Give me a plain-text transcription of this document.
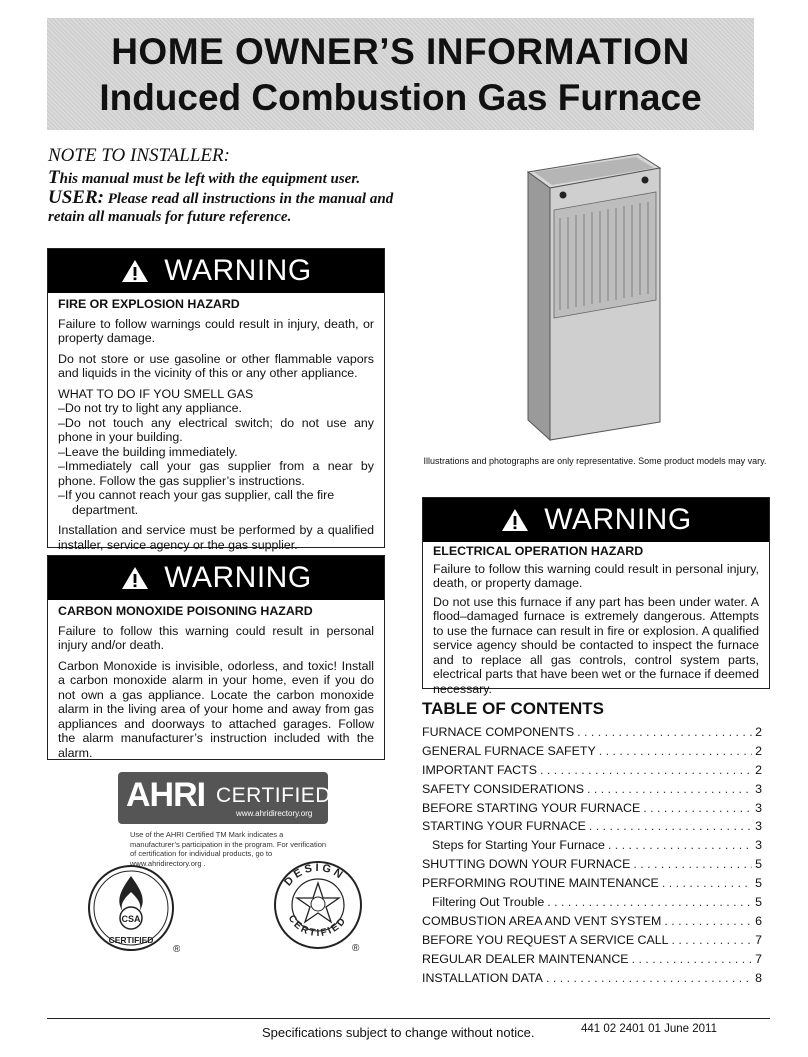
HOME OWNER’S INFORMATION
Induced Combustion Gas Furnace
NOTE TO INSTALLER:
This manual must be left with the equipment user.
USER: Please read all instructions in the manual and
retain all manuals for future reference.
WARNING
FIRE OR EXPLOSION HAZARD

Failure to follow warnings could result in injury, death, or property damage.

Do not store or use gasoline or other flammable vapors and liquids in the vicinity of this or any other appliance.

WHAT TO DO IF YOU SMELL GAS
–Do not try to light any appliance.
–Do not touch any electrical switch; do not use any phone in your building.
–Leave the building immediately.
–Immediately call your gas supplier from a near by phone. Follow the gas supplier’s instructions.
–If you cannot reach your gas supplier, call the fire
department.

Installation and service must be performed by a qualified installer, service agency or the gas supplier.

WARNING
CARBON MONOXIDE POISONING HAZARD

Failure to follow this warning could result in personal injury and/or death.

Carbon Monoxide is invisible, odorless, and toxic! Install a carbon monoxide alarm in your home, even if you do not own a gas appliance. Locate the carbon monoxide alarm in the living area of your home and away from gas appliances and doorways to attached garages. Follow the alarm manufacturer’s instruction included with the alarm.

Illustrations and photographs are only representative. Some product models may vary.
WARNING
ELECTRICAL OPERATION HAZARD

Failure to follow this warning could result in personal injury, death, or property damage.

Do not use this furnace if any part has been under water. A flood–damaged furnace is extremely dangerous. Attempts to use the furnace can result in fire or explosion. A qualified service agency should be contacted to inspect the furnace and to replace all gas controls, control system parts, electrical parts that have been wet or the furnace if deemed necessary.

TABLE OF CONTENTS
FURNACE COMPONENTS . . .	2
GENERAL FURNACE SAFETY . . .	2
IMPORTANT FACTS . . .	2
SAFETY CONSIDERATIONS . . .	3
BEFORE STARTING YOUR FURNACE . . .	3
STARTING YOUR FURNACE . . .	3
Steps for Starting Your Furnace . . .	3
SHUTTING DOWN YOUR FURNACE . . .	5
PERFORMING ROUTINE MAINTENANCE . . .	5
Filtering Out Trouble . . .	5
COMBUSTION AREA AND VENT SYSTEM . . .	6
BEFORE YOU REQUEST A SERVICE CALL . . .	7
REGULAR DEALER MAINTENANCE . . .	7
INSTALLATION DATA . . .	8
AHRI CERTIFIED™
www.ahridirectory.org
Use of the AHRI Certified TM Mark indicates a manufacturer’s participation in the program. For verification of certification for individual products, go to www.ahridirectory.org .
CSA
CERTIFIED
®
DESIGN
CERTIFIED
®
Specifications subject to change without notice.	441 02 2401 01 June 2011
